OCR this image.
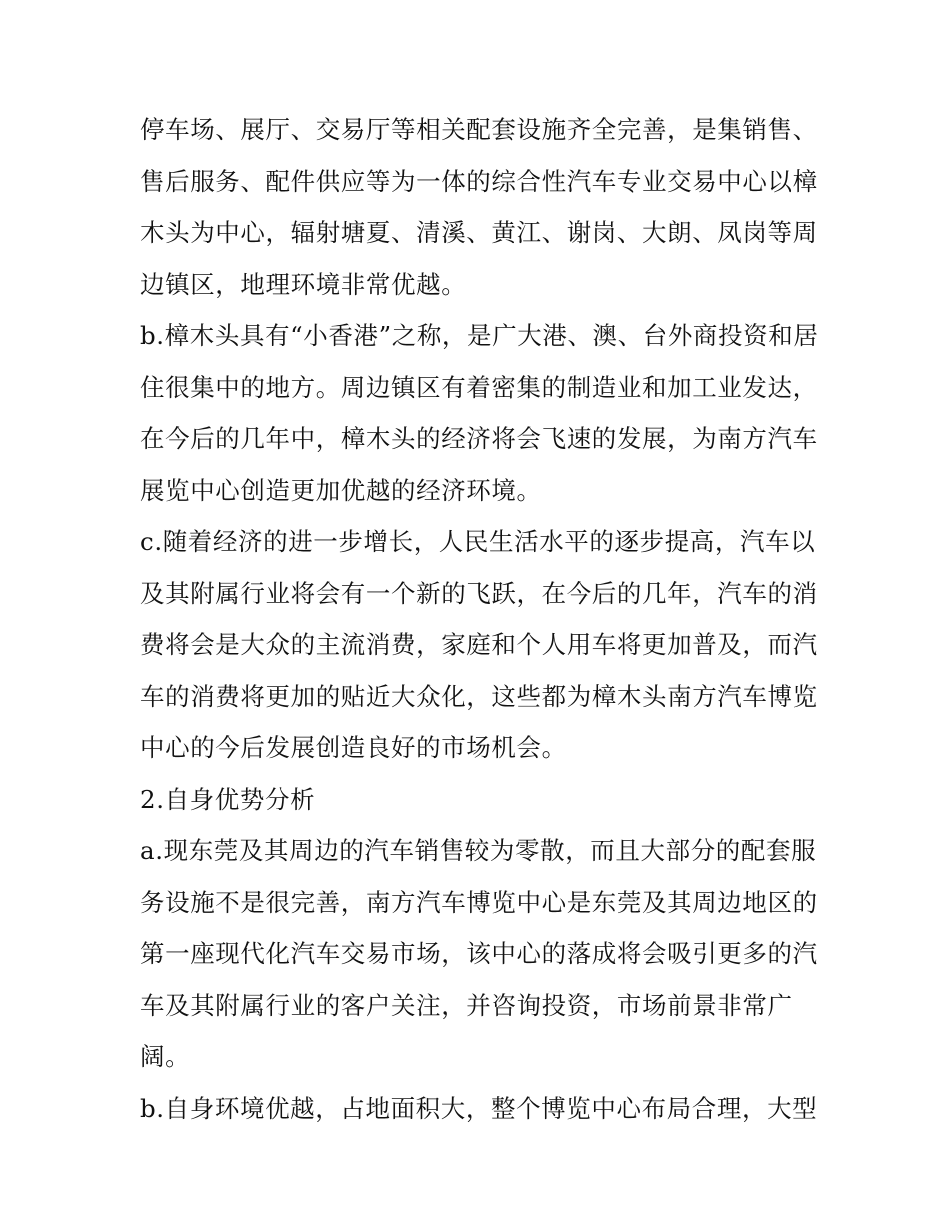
停车场、展厅、交易厅等相关配套设施齐全完善，是集销售、
售后服务、配件供应等为一体的综合性汽车专业交易中心以樟
木头为中心，辐射塘夏、清溪、黄江、谢岗、大朗、凤岗等周
边镇区，地理环境非常优越。
b.樟木头具有“小香港”之称，是广大港、澳、台外商投资和居
住很集中的地方。周边镇区有着密集的制造业和加工业发达，
在今后的几年中，樟木头的经济将会飞速的发展，为南方汽车
展览中心创造更加优越的经济环境。
c.随着经济的进一步增长，人民生活水平的逐步提高，汽车以
及其附属行业将会有一个新的飞跃，在今后的几年，汽车的消
费将会是大众的主流消费，家庭和个人用车将更加普及，而汽
车的消费将更加的贴近大众化，这些都为樟木头南方汽车博览
中心的今后发展创造良好的市场机会。
2.自身优势分析
a.现东莞及其周边的汽车销售较为零散，而且大部分的配套服
务设施不是很完善，南方汽车博览中心是东莞及其周边地区的
第一座现代化汽车交易市场，该中心的落成将会吸引更多的汽
车及其附属行业的客户关注，并咨询投资，市场前景非常广
阔。
b.自身环境优越，占地面积大，整个博览中心布局合理，大型
